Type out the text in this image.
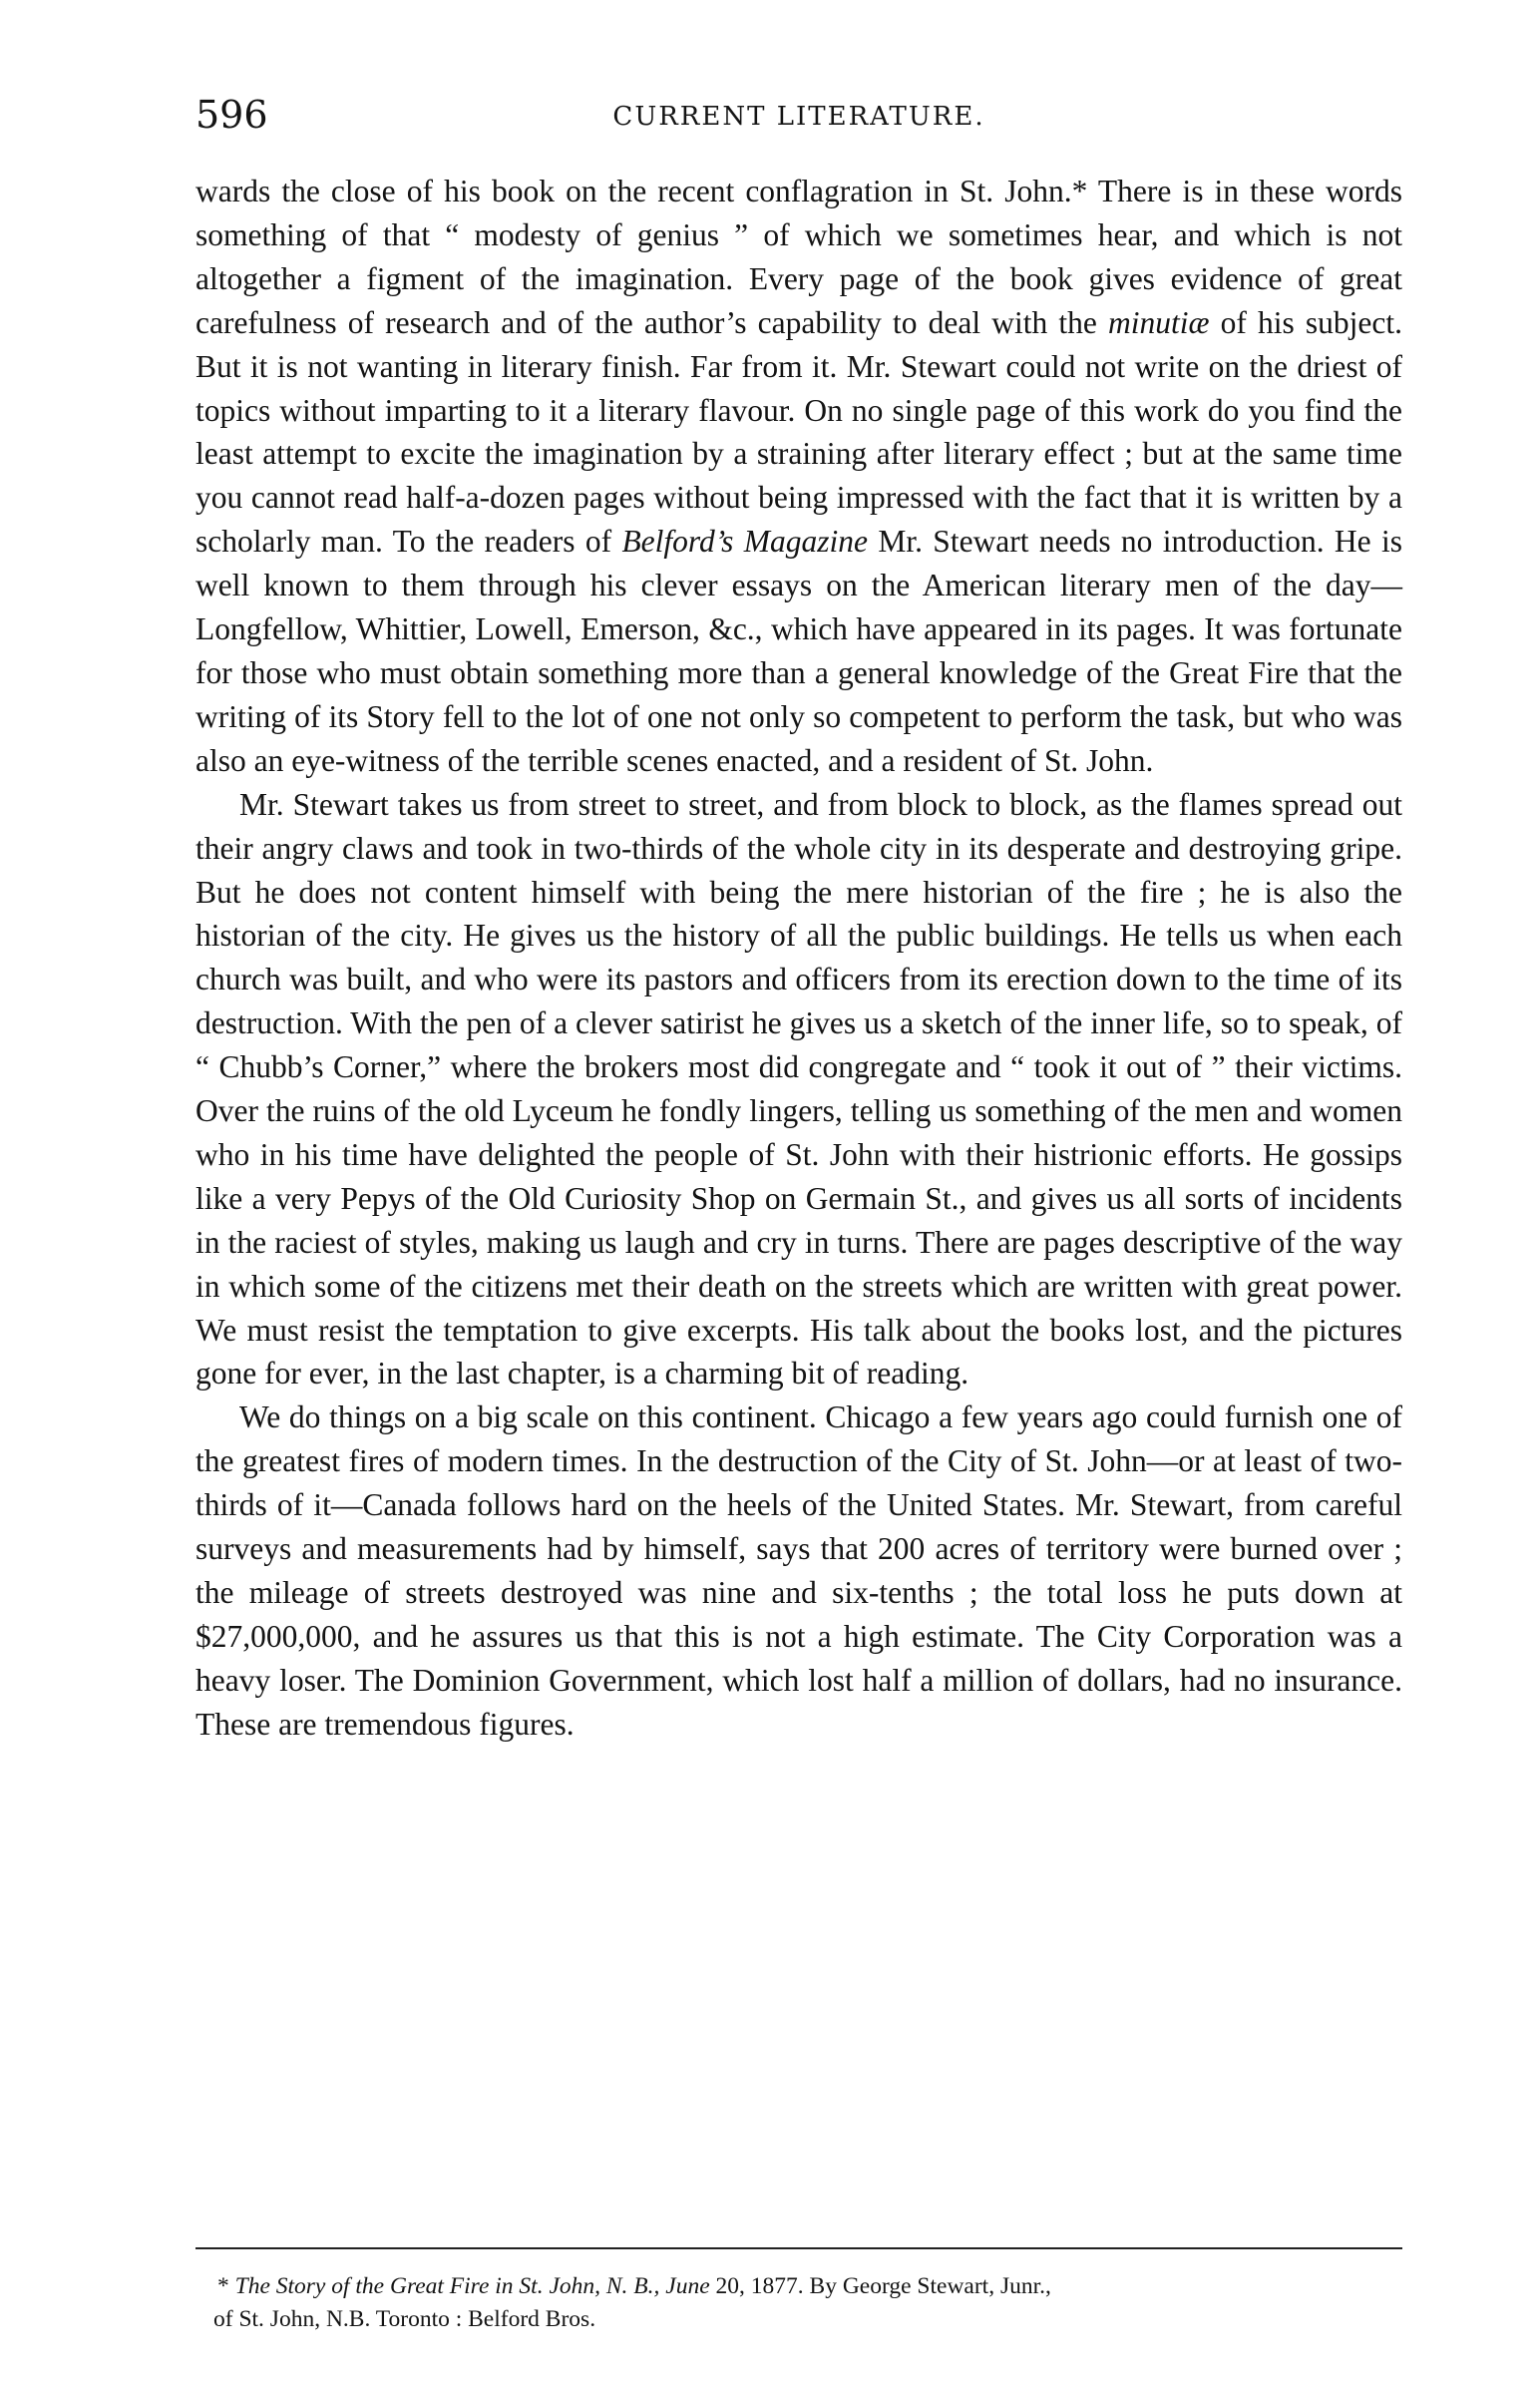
596	CURRENT LITERATURE.

wards the close of his book on the recent conflagration in St. John.* There is in these words something of that “ modesty of genius ” of which we sometimes hear, and which is not altogether a figment of the imagination. Every page of the book gives evidence of great carefulness of research and of the author’s capability to deal with the minutiæ of his subject. But it is not wanting in literary finish. Far from it. Mr. Stewart could not write on the driest of topics without imparting to it a literary flavour. On no single page of this work do you find the least attempt to excite the imagination by a straining after literary effect ; but at the same time you cannot read half-a-dozen pages without being impressed with the fact that it is written by a scholarly man. To the readers of Belford’s Magazine Mr. Stewart needs no introduction. He is well known to them through his clever essays on the American literary men of the day—Longfellow, Whittier, Lowell, Emerson, &c., which have appeared in its pages. It was fortunate for those who must obtain something more than a general knowledge of the Great Fire that the writing of its Story fell to the lot of one not only so competent to perform the task, but who was also an eye-witness of the terrible scenes enacted, and a resident of St. John.

Mr. Stewart takes us from street to street, and from block to block, as the flames spread out their angry claws and took in two-thirds of the whole city in its desperate and destroying gripe. But he does not content himself with being the mere historian of the fire ; he is also the historian of the city. He gives us the history of all the public buildings. He tells us when each church was built, and who were its pastors and officers from its erection down to the time of its destruction. With the pen of a clever satirist he gives us a sketch of the inner life, so to speak, of “ Chubb’s Corner,” where the brokers most did congregate and “ took it out of ” their victims. Over the ruins of the old Lyceum he fondly lingers, telling us something of the men and women who in his time have delighted the people of St. John with their histrionic efforts. He gossips like a very Pepys of the Old Curiosity Shop on Germain St., and gives us all sorts of incidents in the raciest of styles, making us laugh and cry in turns. There are pages descriptive of the way in which some of the citizens met their death on the streets which are written with great power. We must resist the temptation to give excerpts. His talk about the books lost, and the pictures gone for ever, in the last chapter, is a charming bit of reading.

We do things on a big scale on this continent. Chicago a few years ago could furnish one of the greatest fires of modern times. In the destruction of the City of St. John—or at least of two-thirds of it—Canada follows hard on the heels of the United States. Mr. Stewart, from careful surveys and measurements had by himself, says that 200 acres of territory were burned over ; the mileage of streets destroyed was nine and six-tenths ; the total loss he puts down at $27,000,000, and he assures us that this is not a high estimate. The City Corporation was a heavy loser. The Dominion Government, which lost half a million of dollars, had no insurance. These are tremendous figures.

* The Story of the Great Fire in St. John, N. B., June 20, 1877. By George Stewart, Junr.,

of St. John, N.B. Toronto : Belford Bros.
